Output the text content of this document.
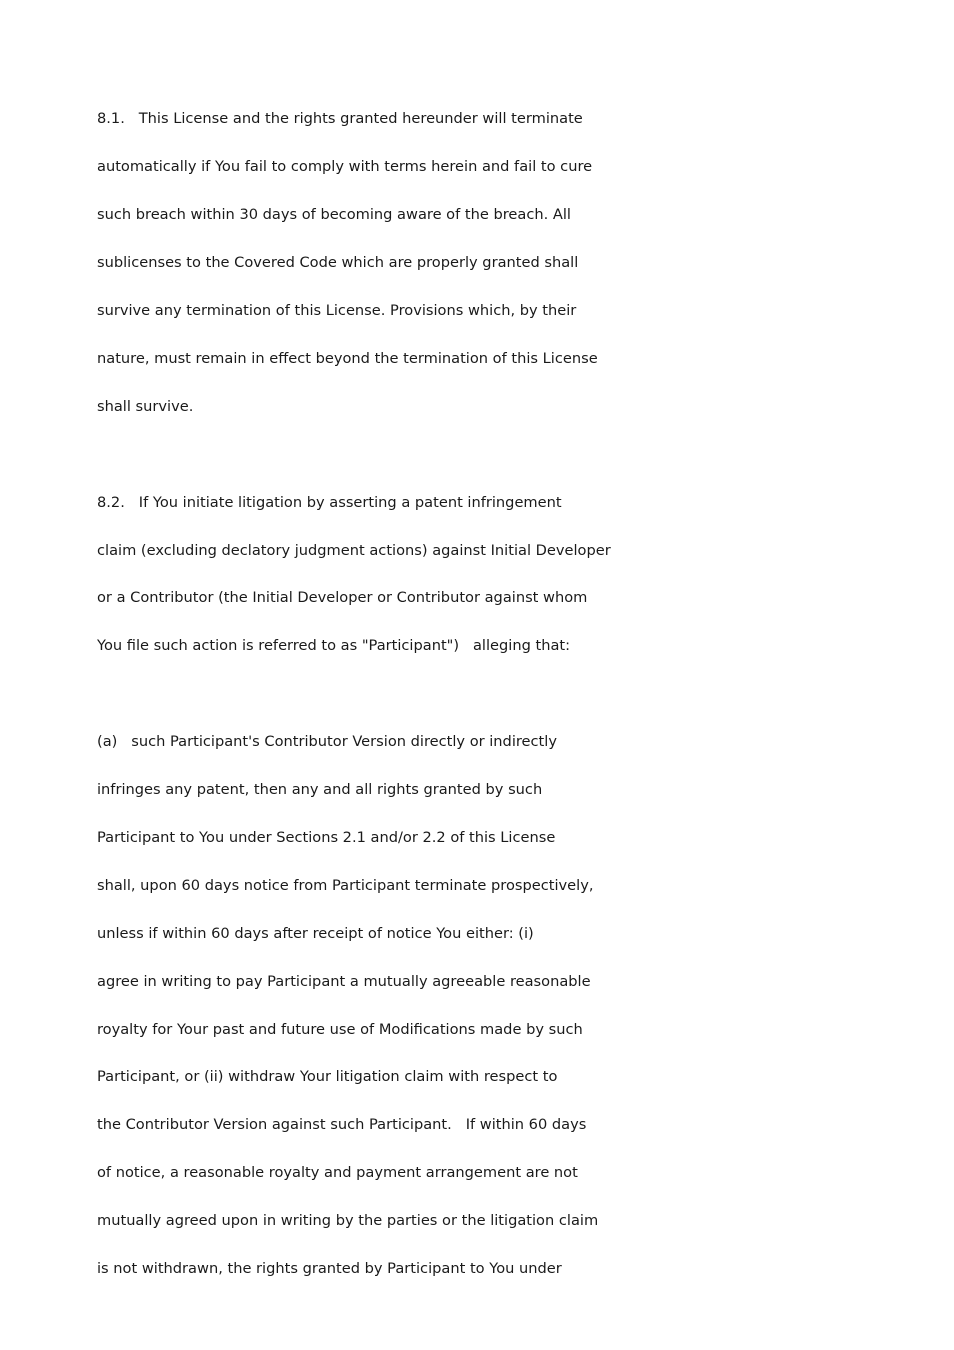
8.1.   This License and the rights granted hereunder will terminate

automatically if You fail to comply with terms herein and fail to cure

such breach within 30 days of becoming aware of the breach. All

sublicenses to the Covered Code which are properly granted shall

survive any termination of this License. Provisions which, by their

nature, must remain in effect beyond the termination of this License

shall survive.

8.2.   If You initiate litigation by asserting a patent infringement

claim (excluding declatory judgment actions) against Initial Developer

or a Contributor (the Initial Developer or Contributor against whom

You file such action is referred to as "Participant")   alleging that:

(a)   such Participant's Contributor Version directly or indirectly

infringes any patent, then any and all rights granted by such

Participant to You under Sections 2.1 and/or 2.2 of this License

shall, upon 60 days notice from Participant terminate prospectively,

unless if within 60 days after receipt of notice You either: (i)

agree in writing to pay Participant a mutually agreeable reasonable

royalty for Your past and future use of Modifications made by such

Participant, or (ii) withdraw Your litigation claim with respect to

the Contributor Version against such Participant.   If within 60 days

of notice, a reasonable royalty and payment arrangement are not

mutually agreed upon in writing by the parties or the litigation claim

is not withdrawn, the rights granted by Participant to You under
